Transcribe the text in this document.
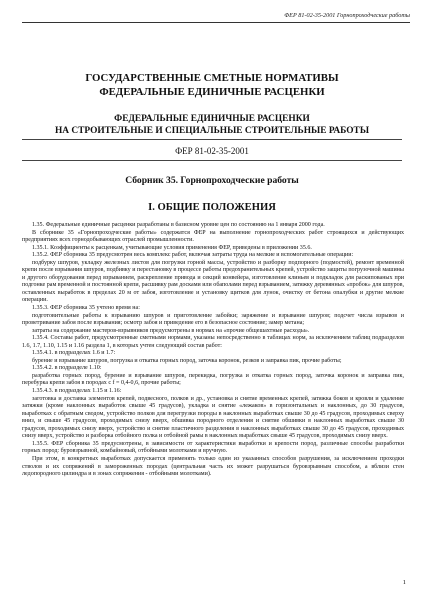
ФЕР 81-02-35-2001 Горнопроходческие работы
ГОСУДАРСТВЕННЫЕ СМЕТНЫЕ НОРМАТИВЫ
ФЕДЕРАЛЬНЫЕ ЕДИНИЧНЫЕ РАСЦЕНКИ
ФЕДЕРАЛЬНЫЕ ЕДИНИЧНЫЕ РАСЦЕНКИ
НА СТРОИТЕЛЬНЫЕ И СПЕЦИАЛЬНЫЕ СТРОИТЕЛЬНЫЕ РАБОТЫ
ФЕР 81-02-35-2001
Сборник 35. Горнопроходческие работы
I. ОБЩИЕ ПОЛОЖЕНИЯ

1.35. Федеральные единичные расценки разработаны в базисном уровне цен по состоянию на 1 января 2000 года.

В сборнике 35 «Горнопроходческие работы» содержатся ФЕР на выполнение горнопроходческих работ строящихся и действующих предприятиях всех горнодобывающих отраслей промышленности.

1.35.1. Коэффициенты к расценкам, учитывающие условия применения ФЕР, приведены в приложении 35.6.

1.35.2. ФЕР сборника 35 предусмотрен весь комплекс работ, включая затраты труда на мелкие и вспомогательные операции:

подбурку шпуров, укладку железных листов для погрузки горной массы, устройство и разборку подпорного (подмостей), ремонт временной крепи после взрывания шпуров, подбивку и перестановку в процессе работы предохранительных крепей, устройство защиты погрузочной машины и другого оборудования перед взрыванием, раскрепление привода и секций конвейера, изготовление клиньев и подкладок для раскипованых при подгонке рам временной и постоянной крепи, расшивку рам досками или обаполами перед взрыванием, затяжку деревянных «пробок» для шпуров, оставленных выработок в пределах 20 м от забоя, изготовление и установку щитков для лунок, очистку от бетона опалубки и другие мелкие операции.

1.35.3. ФЕР сборника 35 учтено время на:

подготовительные работы к взрыванию шпуров и приготовление забойки; заряжение и взрывание шпуров; подсчет числа взрывов и проветривание забоя после взрывания; осмотр забоя и приведение его в безопасное состояние; замер метана;

затраты на содержание мастеров-взрывников предусмотрены в нормах на «прочие общешахтные расходы».

1.35.4. Составы работ, предусмотренные сметными нормами, указаны непосредственно в таблицах норм, за исключением таблиц подразделов 1.6, 1.7, 1.10, 1.15 и 1.16 раздела 1, в которых учтен следующий состав работ:

1.35.4.1. в подразделах 1.6 и 1.7:

бурение и взрывание шпуров, погрузка и откатка горных пород, заточка коронок, резков и заправка пик, прочие работы;

1.35.4.2. в подразделе 1.10:

разработка горных пород, бурение и взрывание шпуров, перекидка, погрузка и откатка горных пород, заточка коронок и заправка пик, перебурка крепи забоя в породах с f = 0,4-0,6, прочие работы;

1.35.4.3. в подразделах 1.15 и 1.16:

заготовка и доставка элементов крепей, подвесного, полков и др., установка и снятие временных крепей, затяжка боков и кровли и удаление затяжки (кроме наклонных выработок свыше 45 градусов), укладка и снятие «лежаков» в горизонтальных и наклонных, до 30 градусов, выработках с обратным сводом, устройство полков для перегрузки породы в наклонных выработках свыше 30 до 45 градусов, проходимых сверху вниз, и свыше 45 градусов, проходимых снизу вверх, обшивка породного отделения и снятие обшивки в наклонных выработках свыше 30 градусов, проходимых снизу вверх, устройство и снятие пластичного разделения в наклонных выработках свыше 30 до 45 градусов, проходимых снизу вверх, устройство и разборка отбойного полка и отбойной рамы в наклонных выработках свыше 45 градусов, проходимых снизу вверх.

1.35.5. ФЕР сборника 35 предусмотрены, в зависимости от характеристики выработки и крепости пород, различные способы разработки горных пород: буровзрывной, комбайновый, отбойными молотками и вручную.

При этом, в конкретных выработках допускается применять только один из указанных способов разрушения, за исключением проходки стволов и их сопряжений в замороженных породах (центральная часть их может разрушаться буровзрывным способом, а вблизи стен ледопородного цилиндра и в зонах сопряжения - отбойными молотками).

1
